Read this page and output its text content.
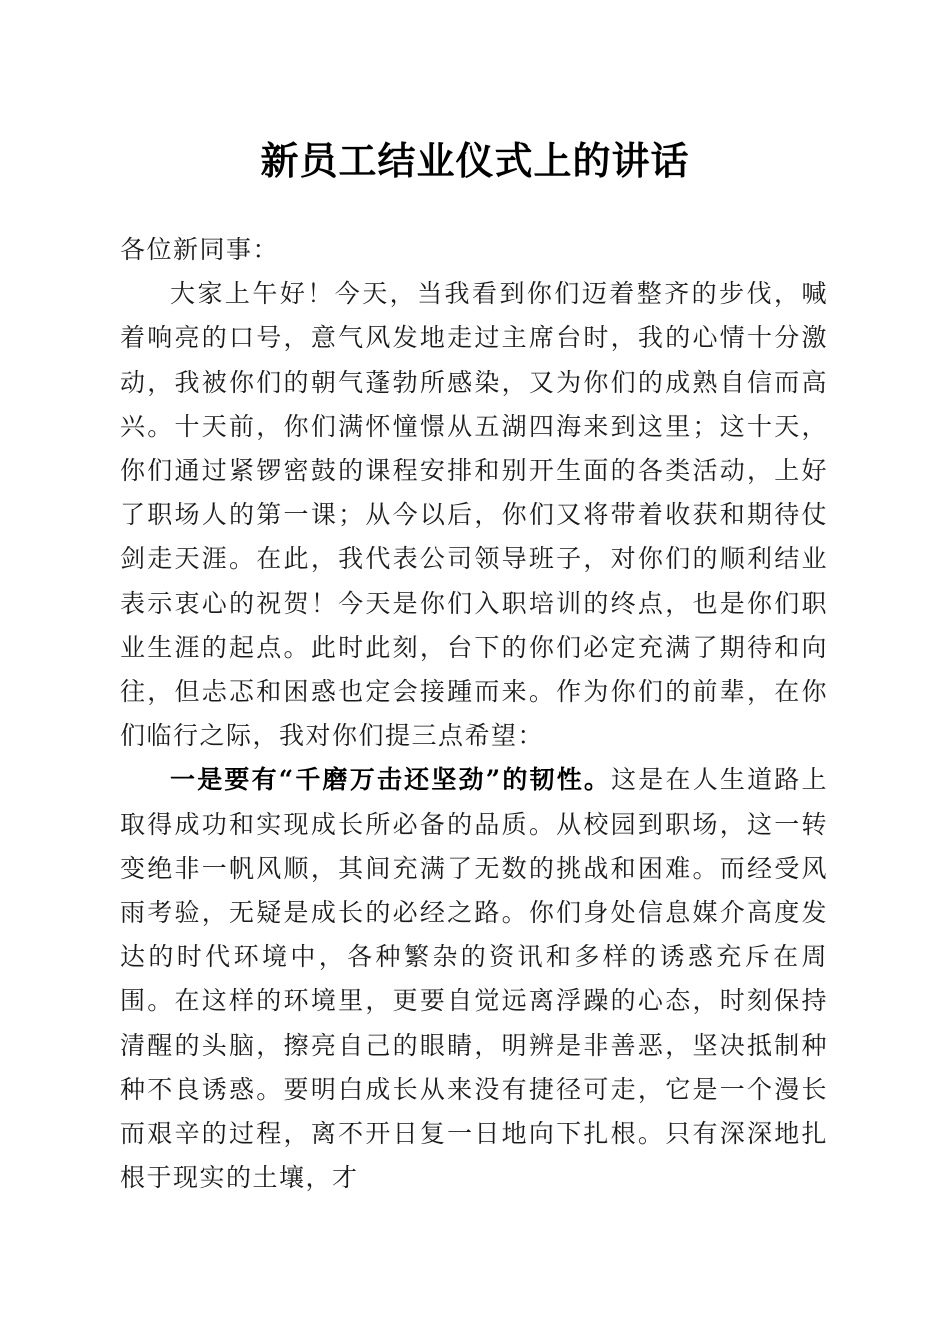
新员工结业仪式上的讲话

各位新同事：

大家上午好！今天，当我看到你们迈着整齐的步伐，喊着响亮的口号，意气风发地走过主席台时，我的心情十分激动，我被你们的朝气蓬勃所感染，又为你们的成熟自信而高兴。十天前，你们满怀憧憬从五湖四海来到这里；这十天，你们通过紧锣密鼓的课程安排和别开生面的各类活动，上好了职场人的第一课；从今以后，你们又将带着收获和期待仗剑走天涯。在此，我代表公司领导班子，对你们的顺利结业表示衷心的祝贺！今天是你们入职培训的终点，也是你们职业生涯的起点。此时此刻，台下的你们必定充满了期待和向往，但忐忑和困惑也定会接踵而来。作为你们的前辈，在你们临行之际，我对你们提三点希望：

一是要有“千磨万击还坚劲”的韧性。这是在人生道路上取得成功和实现成长所必备的品质。从校园到职场，这一转变绝非一帆风顺，其间充满了无数的挑战和困难。而经受风雨考验，无疑是成长的必经之路。你们身处信息媒介高度发达的时代环境中，各种繁杂的资讯和多样的诱惑充斥在周围。在这样的环境里，更要自觉远离浮躁的心态，时刻保持清醒的头脑，擦亮自己的眼睛，明辨是非善恶，坚决抵制种种不良诱惑。要明白成长从来没有捷径可走，它是一个漫长而艰辛的过程，离不开日复一日地向下扎根。只有深深地扎根于现实的土壤，才
